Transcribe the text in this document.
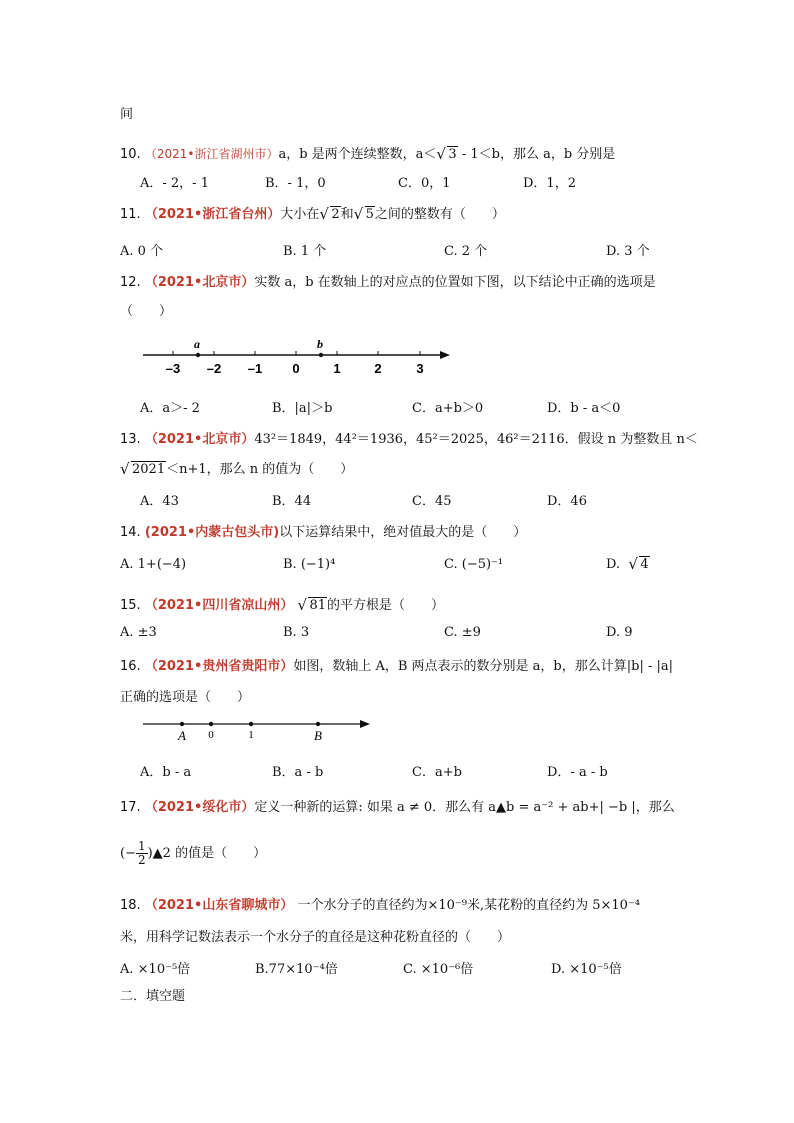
间
10. （2021•浙江省湖州市）a，b 是两个连续整数，a＜ √ 3 - 1＜b，那么 a，b 分别是
A．- 2，- 1	B．- 1，0	C．0，1	D．1，2
11. （2021•浙江省台州）大小在 √ 2和 √ 5之间的整数有（　　）
A. 0 个	B. 1 个	C. 2 个	D. 3 个
12. （2021•北京市）实数 a，b 在数轴上的对应点的位置如下图，以下结论中正确的选项是
（　　）
a	b
–3 –2 –1 0	1	2	3
A．a＞- 2	B．|a|＞b	C．a+b＞0	D．b - a＜0
13. （2021•北京市）43²＝1849，44²＝1936，45²＝2025，46²＝2116．假设 n 为整数且 n＜
√ 2021＜n+1，那么 n 的值为（　　）
A．43	B．44	C．45	D．46
14. (2021•内蒙古包头市)以下运算结果中，绝对值最大的是（　　）
A. 1+(−4)	B. (−1)⁴	C. (−5)⁻¹	D. √ 4
15. （2021•四川省凉山州） √ 81的平方根是（　　）
A. ±3	B. 3	C. ±9	D. 9
16. （2021•贵州省贵阳市）如图，数轴上 A，B 两点表示的数分别是 a，b，那么计算|b| - |a|
正确的选项是（　　）
A 0	1	B
A．b - a	B．a - b	C．a+b	D．- a - b
17. （2021•绥化市）定义一种新的运算: 如果 a ≠ 0．那么有 a▲b = a⁻² + ab+| −b |，那么
(− $\frac{1}{2}$ )▲2 的值是（　　）
18. （2021•山东省聊城市） 一个水分子的直径约为×10⁻⁹米,某花粉的直径约为 5×10⁻⁴
米，用科学记数法表示一个水分子的直径是这种花粉直径的（　　）
A. ×10⁻⁵倍	B.77×10⁻⁴倍	C. ×10⁻⁶倍	D. ×10⁻⁵倍
二．填空题
